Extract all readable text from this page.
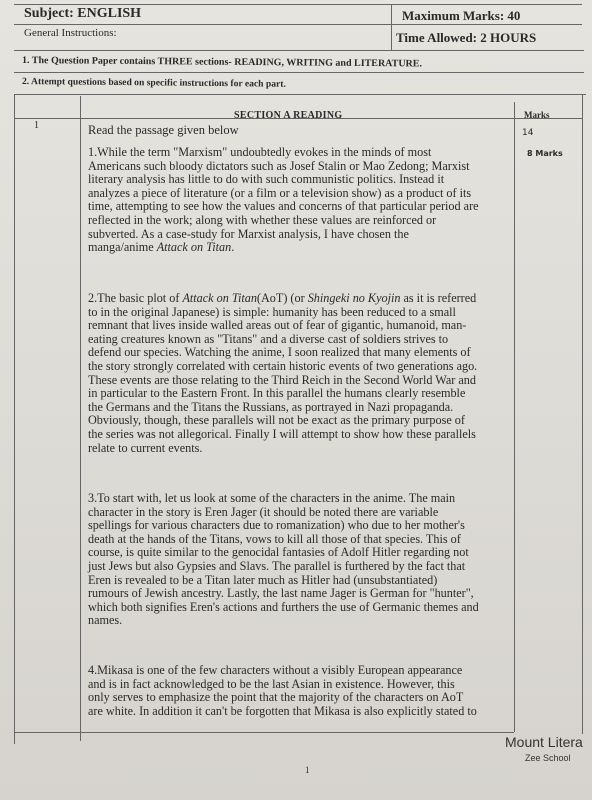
Subject: ENGLISH	Maximum Marks: 40
General Instructions:	Time Allowed: 2 HOURS
1. The Question Paper contains THREE sections- READING, WRITING and LITERATURE.
2. Attempt questions based on specific instructions for each part.
SECTION A READING	Marks
1	Read the passage given below	14
8 Marks
1.While the term "Marxism" undoubtedly evokes in the minds of most
Americans such bloody dictators such as Josef Stalin or Mao Zedong; Marxist
literary analysis has little to do with such communistic politics. Instead it
analyzes a piece of literature (or a film or a television show) as a product of its
time, attempting to see how the values and concerns of that particular period are
reflected in the work; along with whether these values are reinforced or
subverted. As a case-study for Marxist analysis, I have chosen the
manga/anime Attack on Titan.
2.The basic plot of Attack on Titan(AoT) (or Shingeki no Kyojin as it is referred
to in the original Japanese) is simple: humanity has been reduced to a small
remnant that lives inside walled areas out of fear of gigantic, humanoid, man-
eating creatures known as "Titans" and a diverse cast of soldiers strives to
defend our species. Watching the anime, I soon realized that many elements of
the story strongly correlated with certain historic events of two generations ago.
These events are those relating to the Third Reich in the Second World War and
in particular to the Eastern Front. In this parallel the humans clearly resemble
the Germans and the Titans the Russians, as portrayed in Nazi propaganda.
Obviously, though, these parallels will not be exact as the primary purpose of
the series was not allegorical. Finally I will attempt to show how these parallels
relate to current events.
3.To start with, let us look at some of the characters in the anime. The main
character in the story is Eren Jager (it should be noted there are variable
spellings for various characters due to romanization) who due to her mother's
death at the hands of the Titans, vows to kill all those of that species. This of
course, is quite similar to the genocidal fantasies of Adolf Hitler regarding not
just Jews but also Gypsies and Slavs. The parallel is furthered by the fact that
Eren is revealed to be a Titan later much as Hitler had (unsubstantiated)
rumours of Jewish ancestry. Lastly, the last name Jager is German for "hunter",
which both signifies Eren's actions and furthers the use of Germanic themes and
names.
4.Mikasa is one of the few characters without a visibly European appearance
and is in fact acknowledged to be the last Asian in existence. However, this
only serves to emphasize the point that the majority of the characters on AoT
are white. In addition it can't be forgotten that Mikasa is also explicitly stated to
1
Mount Litera
Zee School
